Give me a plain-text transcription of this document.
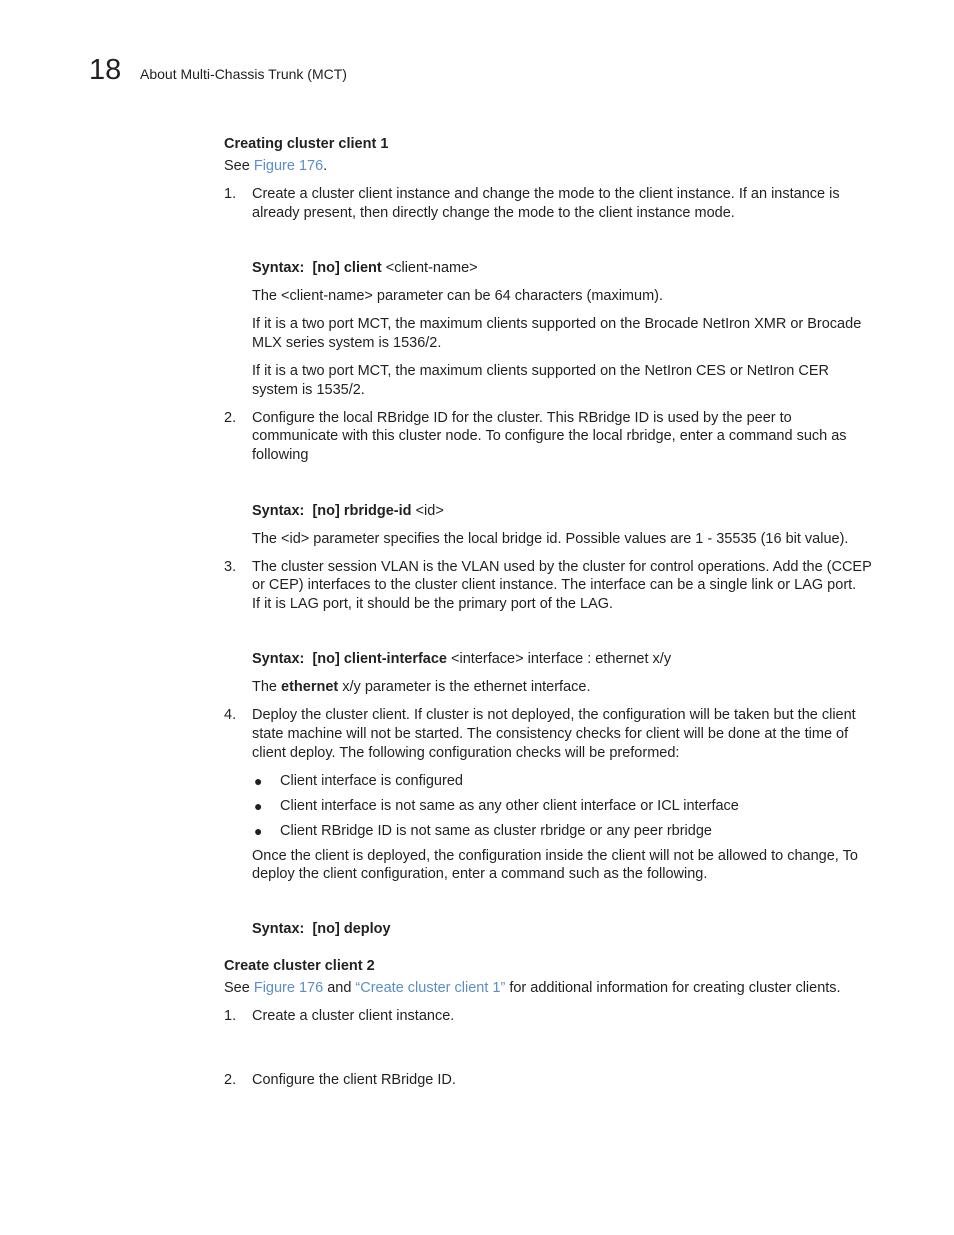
18 About Multi-Chassis Trunk (MCT)
Creating cluster client 1
See Figure 176.
1. Create a cluster client instance and change the mode to the client instance. If an instance is
already present, then directly change the mode to the client instance mode.
Syntax: [no] client <client-name>
The <client-name> parameter can be 64 characters (maximum).
If it is a two port MCT, the maximum clients supported on the Brocade NetIron XMR or Brocade
MLX series system is 1536/2.
If it is a two port MCT, the maximum clients supported on the NetIron CES or NetIron CER
system is 1535/2.
2. Configure the local RBridge ID for the cluster. This RBridge ID is used by the peer to
communicate with this cluster node. To configure the local rbridge, enter a command such as
following
Syntax: [no] rbridge-id <id>
The <id> parameter specifies the local bridge id. Possible values are 1 - 35535 (16 bit value).
3. The cluster session VLAN is the VLAN used by the cluster for control operations. Add the (CCEP
or CEP) interfaces to the cluster client instance. The interface can be a single link or LAG port.
If it is LAG port, it should be the primary port of the LAG.
Syntax: [no] client-interface <interface> interface : ethernet x/y
The ethernet x/y parameter is the ethernet interface.
4. Deploy the cluster client. If cluster is not deployed, the configuration will be taken but the client
state machine will not be started. The consistency checks for client will be done at the time of
client deploy. The following configuration checks will be preformed:
● Client interface is configured
● Client interface is not same as any other client interface or ICL interface
● Client RBridge ID is not same as cluster rbridge or any peer rbridge
Once the client is deployed, the configuration inside the client will not be allowed to change, To
deploy the client configuration, enter a command such as the following.
Syntax: [no] deploy
Create cluster client 2
See Figure 176 and “Create cluster client 1” for additional information for creating cluster clients.
1. Create a cluster client instance.
2. Configure the client RBridge ID.
